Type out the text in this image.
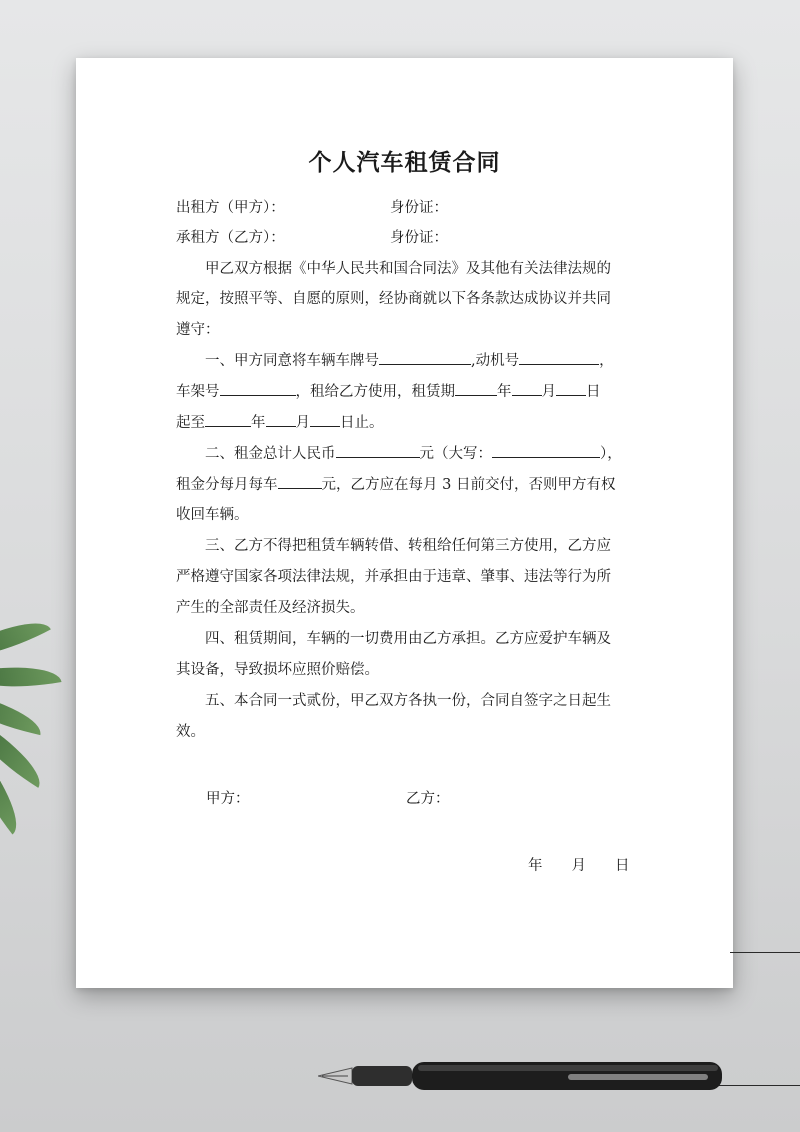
个人汽车租赁合同
出租方（甲方）：	身份证：
承租方（乙方）：	身份证：
甲乙双方根据《中华人民共和国合同法》及其他有关法律法规的
规定，按照平等、自愿的原则，经协商就以下各条款达成协议并共同
遵守：
一、甲方同意将车辆车牌号	,动机号	，
车架号	，租给乙方使用，租赁期	年 月 日
起至	年 月 日止。
二、租金总计人民币	元（大写：	），
租金分每月每车	元，乙方应在每月 3 日前交付，否则甲方有权
收回车辆。
三、乙方不得把租赁车辆转借、转租给任何第三方使用，乙方应
严格遵守国家各项法律法规，并承担由于违章、肇事、违法等行为所
产生的全部责任及经济损失。
四、租赁期间，车辆的一切费用由乙方承担。乙方应爱护车辆及
其设备，导致损坏应照价赔偿。
五、本合同一式贰份，甲乙双方各执一份，合同自签字之日起生
效。
甲方：	乙方：
年　　月　　日
